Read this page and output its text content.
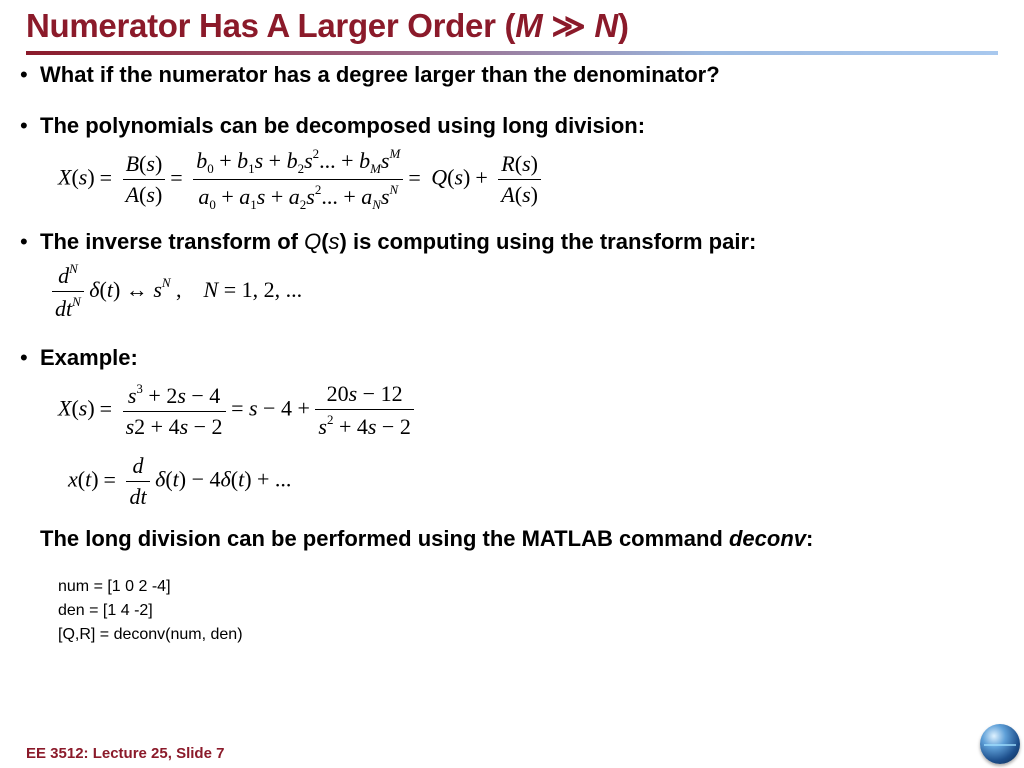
Numerator Has A Larger Order (M ≫ N)
• What if the numerator has a degree larger than the denominator?
• The polynomials can be decomposed using long division:
$X(s) = \frac{B(s)}{A(s)} = \frac{b_0 + b_1s + b_2s^2... + b_Ms^M}{a_0 + a_1s + a_2s^2... + a_Ns^N} = Q(s) + \frac{R(s)}{A(s)}$
• The inverse transform of Q(s) is computing using the transform pair:
$\frac{d^N}{dt^N} \delta(t)$ ↔ $s^N$ ,    N = 1, 2, ...
• Example:
$X(s) = \frac{s^3 + 2s - 4}{s2 + 4s - 2} = s - 4 + \frac{20s - 12}{s^2 + 4s - 2}$
$x(t) = \frac{d}{dt} \delta(t) - 4\delta(t)$ + ...
The long division can be performed using the MATLAB command deconv:
num = [1 0 2 -4]
den = [1 4 -2]
[Q,R] = deconv(num, den)
EE 3512: Lecture 25, Slide 7
